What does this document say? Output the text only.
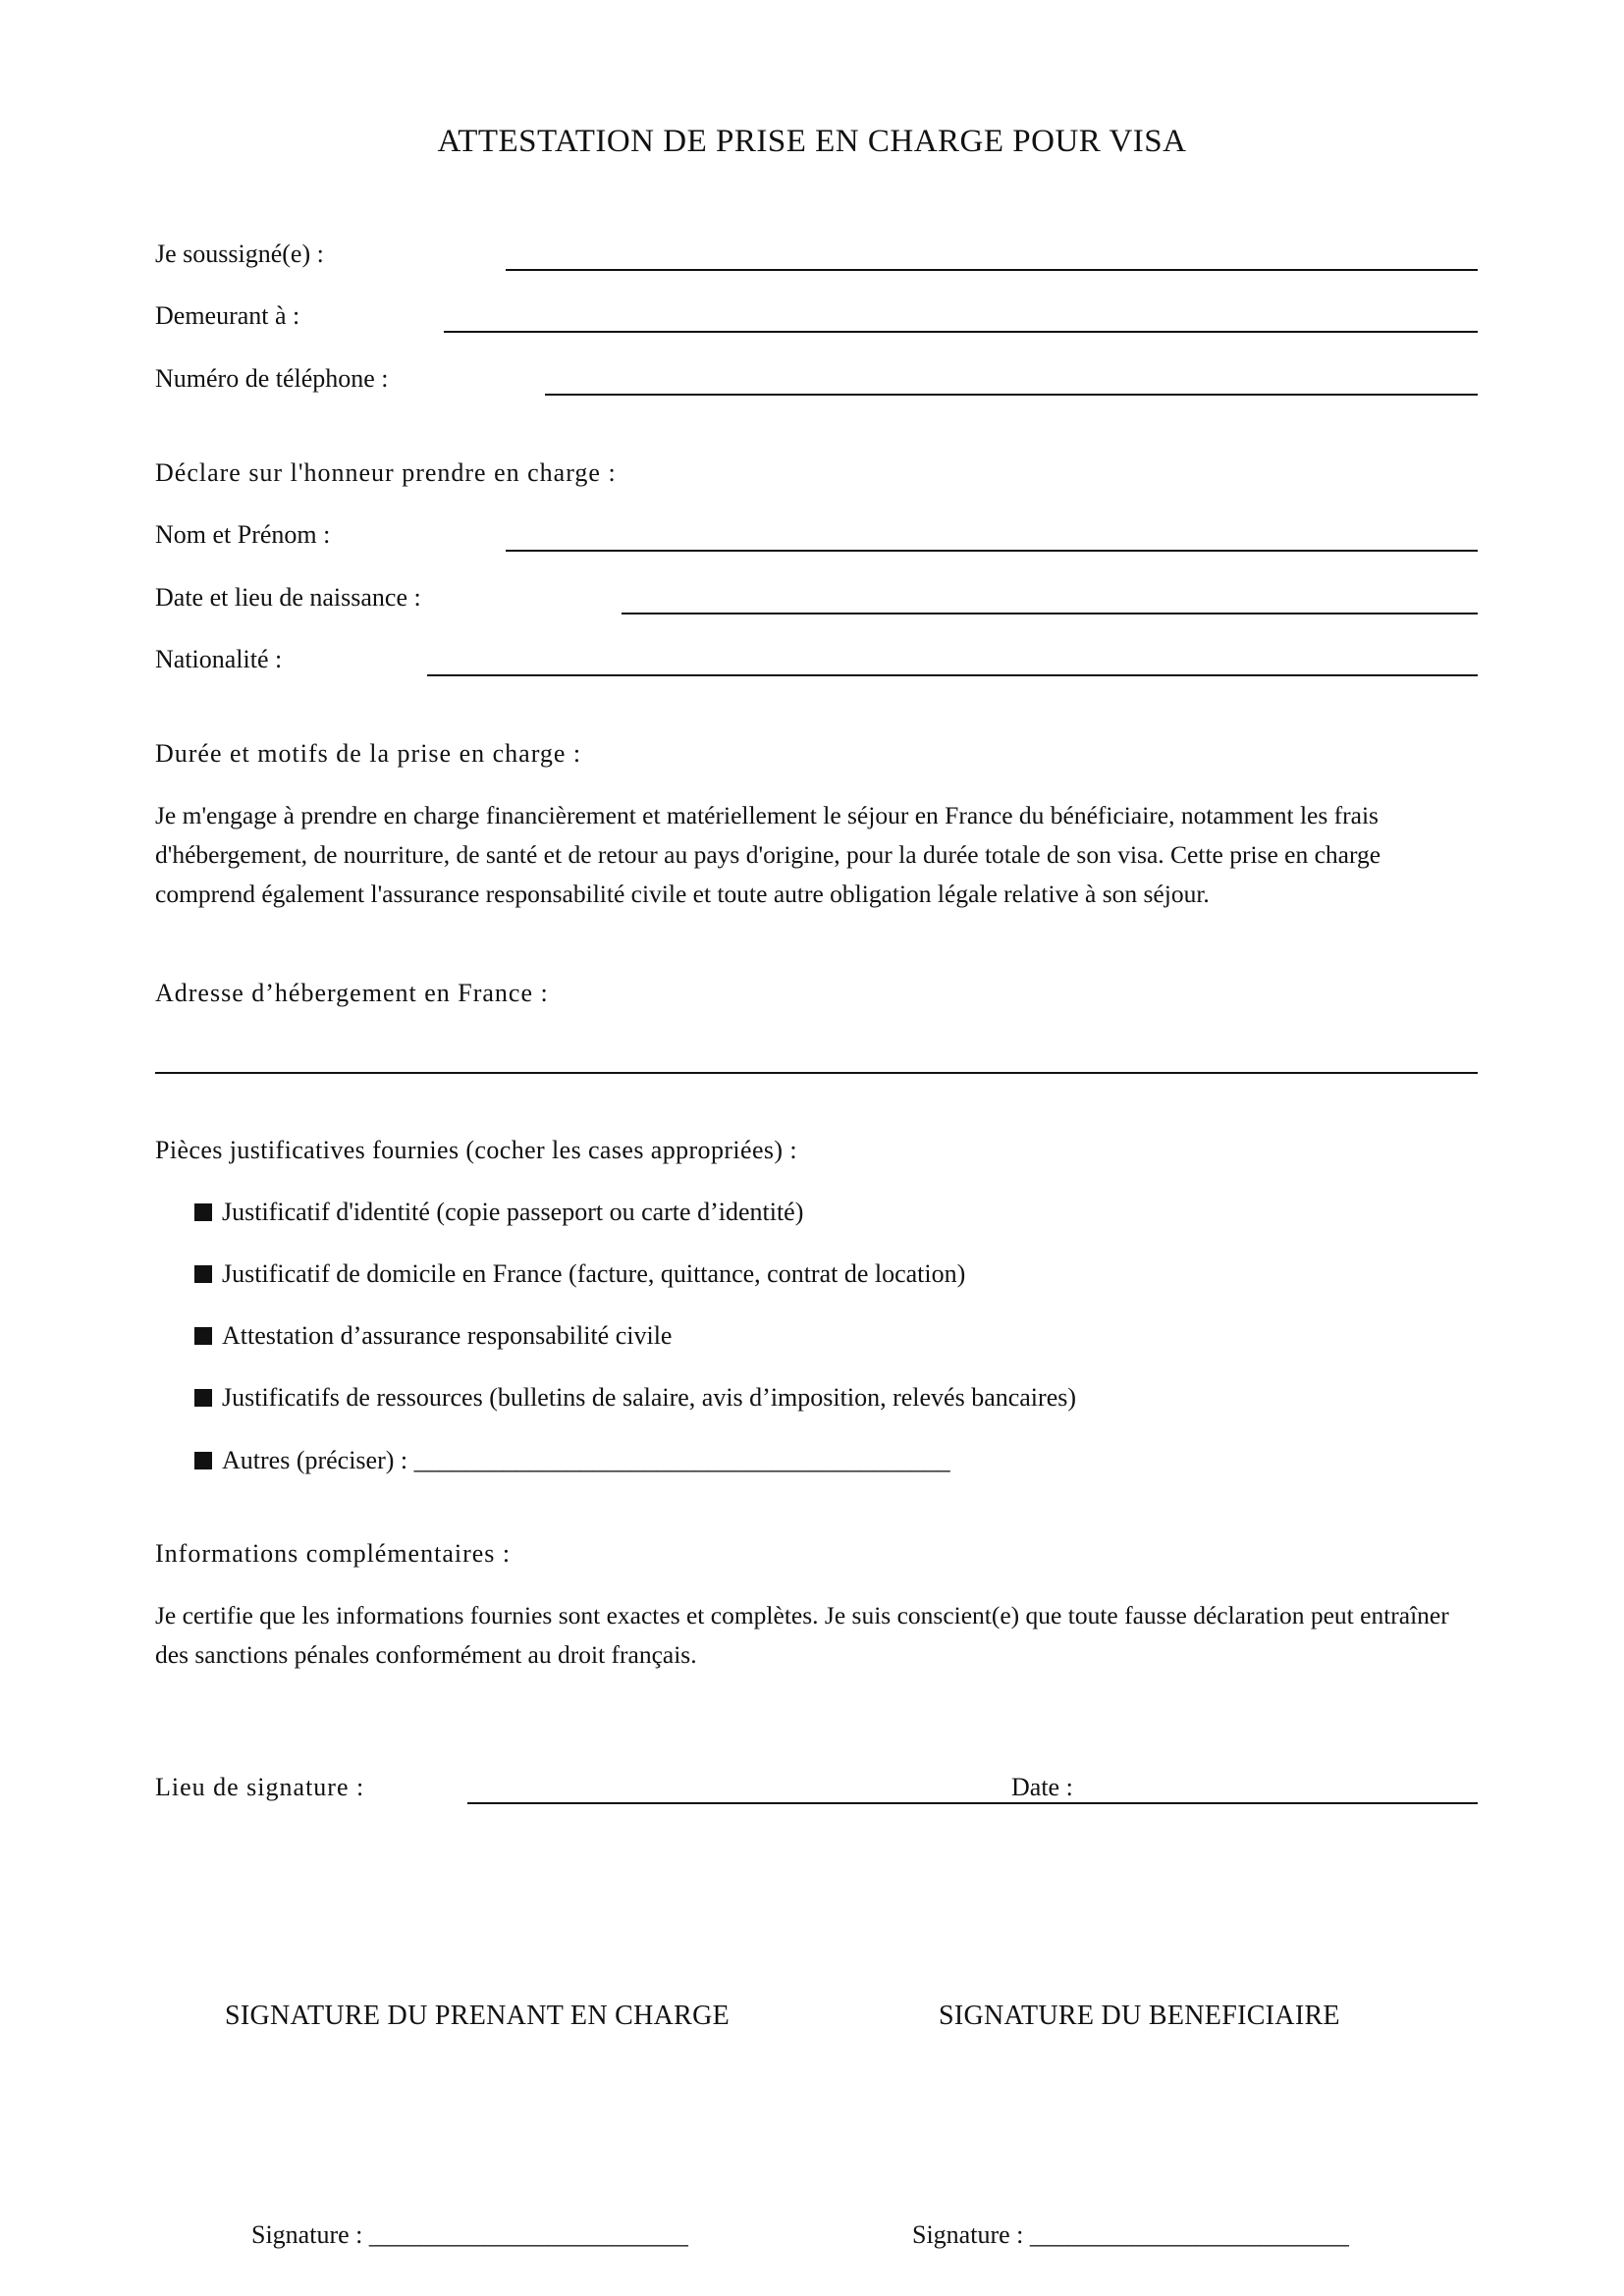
ATTESTATION DE PRISE EN CHARGE POUR VISA
Je soussigné(e) :
Demeurant à :
Numéro de téléphone :
Déclare sur l'honneur prendre en charge :
Nom et Prénom :
Date et lieu de naissance :
Nationalité :
Durée et motifs de la prise en charge :
Je m'engage à prendre en charge financièrement et matériellement le séjour en France du bénéficiaire, notamment les frais d'hébergement, de nourriture, de santé et de retour au pays d'origine, pour la durée totale de son visa. Cette prise en charge comprend également l'assurance responsabilité civile et toute autre obligation légale relative à son séjour.
Adresse d’hébergement en France :
Pièces justificatives fournies (cocher les cases appropriées) :
Justificatif d'identité (copie passeport ou carte d’identité)
Justificatif de domicile en France (facture, quittance, contrat de location)
Attestation d’assurance responsabilité civile
Justificatifs de ressources (bulletins de salaire, avis d’imposition, relevés bancaires)
Autres (préciser) : __________________________________________
Informations complémentaires :
Je certifie que les informations fournies sont exactes et complètes. Je suis conscient(e) que toute fausse déclaration peut entraîner des sanctions pénales conformément au droit français.
Lieu de signature :	Date :
SIGNATURE DU PRENANT EN CHARGE	SIGNATURE DU BENEFICIAIRE
Signature : _________________________	Signature : _________________________
